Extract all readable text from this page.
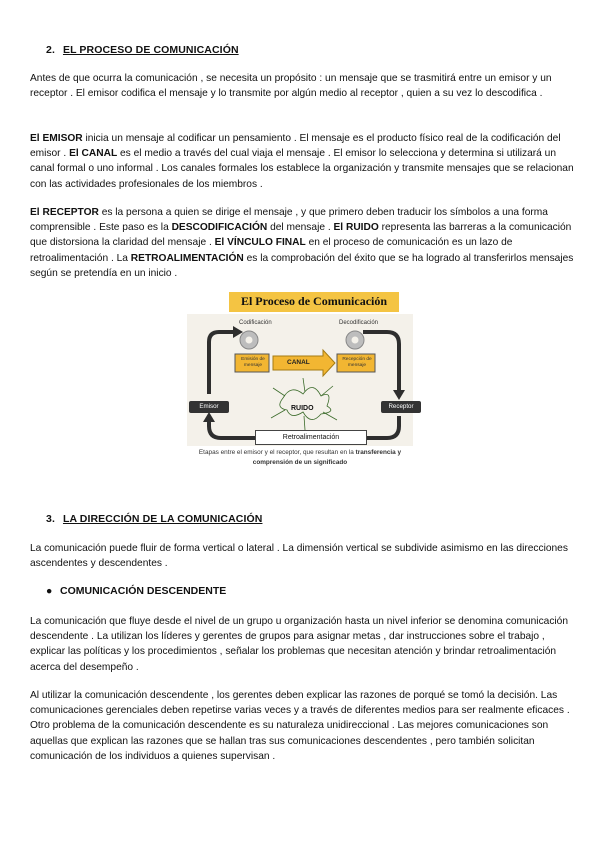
2. EL PROCESO DE COMUNICACIÓN

Antes de que ocurra la comunicación , se necesita un propósito : un mensaje que se trasmitirá entre un emisor y un receptor . El emisor codifica el mensaje y lo transmite por algún medio al receptor , quien a su vez lo descodifica .

El EMISOR inicia un mensaje al codificar un pensamiento . El mensaje es el producto físico real de la codificación del emisor . El CANAL es el medio a través del cual viaja el mensaje . El emisor lo selecciona y determina si utilizará un canal formal o uno informal . Los canales formales los establece la organización y transmite mensajes que se relacionan con las actividades profesionales de los miembros .

El RECEPTOR es la persona a quien se dirige el mensaje , y que primero deben traducir los símbolos a una forma comprensible . Este paso es la DESCODIFICACIÓN del mensaje . El RUIDO representa las barreras a la comunicación que distorsiona la claridad del mensaje . El VÍNCULO FINAL en el proceso de comunicación es un lazo de retroalimentación . La RETROALIMENTACIÓN es la comprobación del éxito que se ha logrado al transferirlos mensajes según se pretendía en un inicio .

El Proceso de Comunicación
Codificación	Decodificación
Emisión de mensaje
Recepción de mensaje
CANAL
RUIDO
Emisor	Receptor
Retroalimentación
Etapas entre el emisor y el receptor, que resultan en la transferencia y
comprensión de un significado
3. LA DIRECCIÓN DE LA COMUNICACIÓN

La comunicación puede fluir de forma vertical o lateral . La dimensión vertical se subdivide asimismo en las direcciones ascendentes y descendentes .

● COMUNICACIÓN DESCENDENTE

La comunicación que fluye desde el nivel de un grupo u organización hasta un nivel inferior se denomina comunicación descendente . La utilizan los líderes y gerentes de grupos para asignar metas , dar instrucciones sobre el trabajo , explicar las políticas y los procedimientos , señalar los problemas que necesitan atención y brindar retroalimentación acerca del desempeño .

Al utilizar la comunicación descendente , los gerentes deben explicar las razones de porqué se tomó la decisión. Las comunicaciones gerenciales deben repetirse varias veces y a través de diferentes medios para ser realmente eficaces . Otro problema de la comunicación descendente es su naturaleza unidireccional . Las mejores comunicaciones son aquellas que explican las razones que se hallan tras sus comunicaciones descendentes , pero también solicitan comunicación de los individuos a quienes supervisan .
